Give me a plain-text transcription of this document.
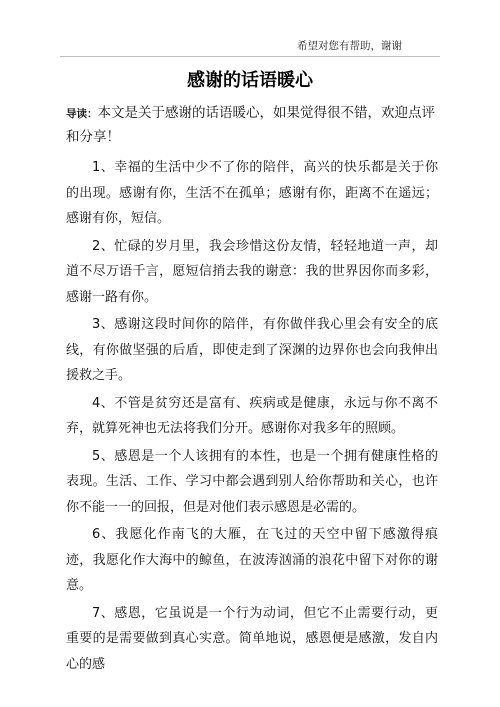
希望对您有帮助，谢谢
感谢的话语暖心
导读：本文是关于感谢的话语暖心，如果觉得很不错，欢迎点评和分享！

1、幸福的生活中少不了你的陪伴，高兴的快乐都是关于你的出现。感谢有你，生活不在孤单；感谢有你，距离不在遥远；感谢有你，短信。

2、忙碌的岁月里，我会珍惜这份友情，轻轻地道一声，却道不尽万语千言，愿短信捎去我的谢意：我的世界因你而多彩，感谢一路有你。

3、感谢这段时间你的陪伴，有你做伴我心里会有安全的底线，有你做坚强的后盾，即使走到了深渊的边界你也会向我伸出援救之手。

4、不管是贫穷还是富有、疾病或是健康，永远与你不离不弃，就算死神也无法将我们分开。感谢你对我多年的照顾。

5、感恩是一个人该拥有的本性，也是一个拥有健康性格的表现。生活、工作、学习中都会遇到别人给你帮助和关心，也许你不能一一的回报，但是对他们表示感恩是必需的。

6、我愿化作南飞的大雁，在飞过的天空中留下感激得痕迹，我愿化作大海中的鲸鱼，在波涛汹涌的浪花中留下对你的谢意。

7、感恩，它虽说是一个行为动词，但它不止需要行动，更重要的是需要做到真心实意。简单地说，感恩便是感激，发自内心的感
